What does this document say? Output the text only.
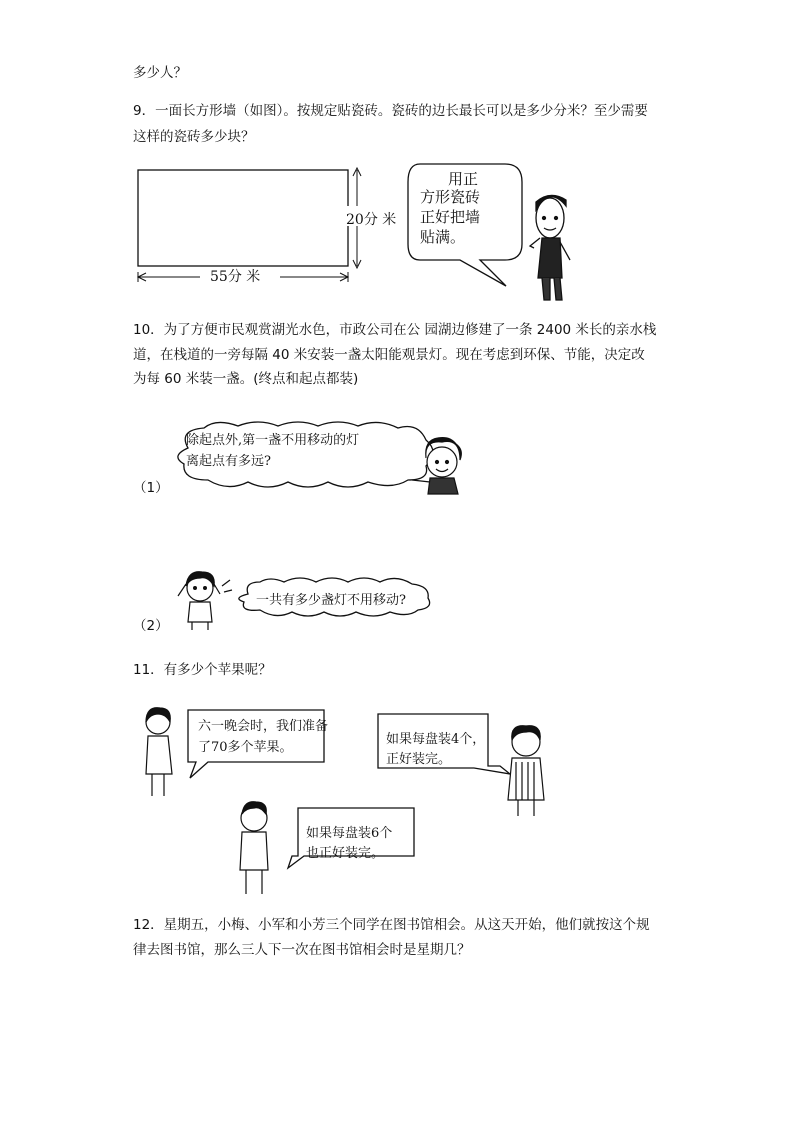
多少人？
9．一面长方形墙（如图）。按规定贴瓷砖。瓷砖的边长最长可以是多少分米？至少需要
这样的瓷砖多少块？
20分 米
55分 米
用正
方形瓷砖
正好把墙
贴满。
10．为了方便市民观赏湖光水色，市政公司在公 园湖边修建了一条 2400 米长的亲水栈
道，在栈道的一旁每隔 40 米安装一盏太阳能观景灯。现在考虑到环保、节能，决定改
为每 60 米装一盏。(终点和起点都装)
除起点外,第一盏不用移动的灯
离起点有多远?
（1）
一共有多少盏灯不用移动?
（2）
11．有多少个苹果呢？
六一晚会时，我们准备
了70多个苹果。
如果每盘装4个，
正好装完。
如果每盘装6个
也正好装完。
12．星期五，小梅、小军和小芳三个同学在图书馆相会。从这天开始，他们就按这个规
律去图书馆，那么三人下一次在图书馆相会时是星期几？
